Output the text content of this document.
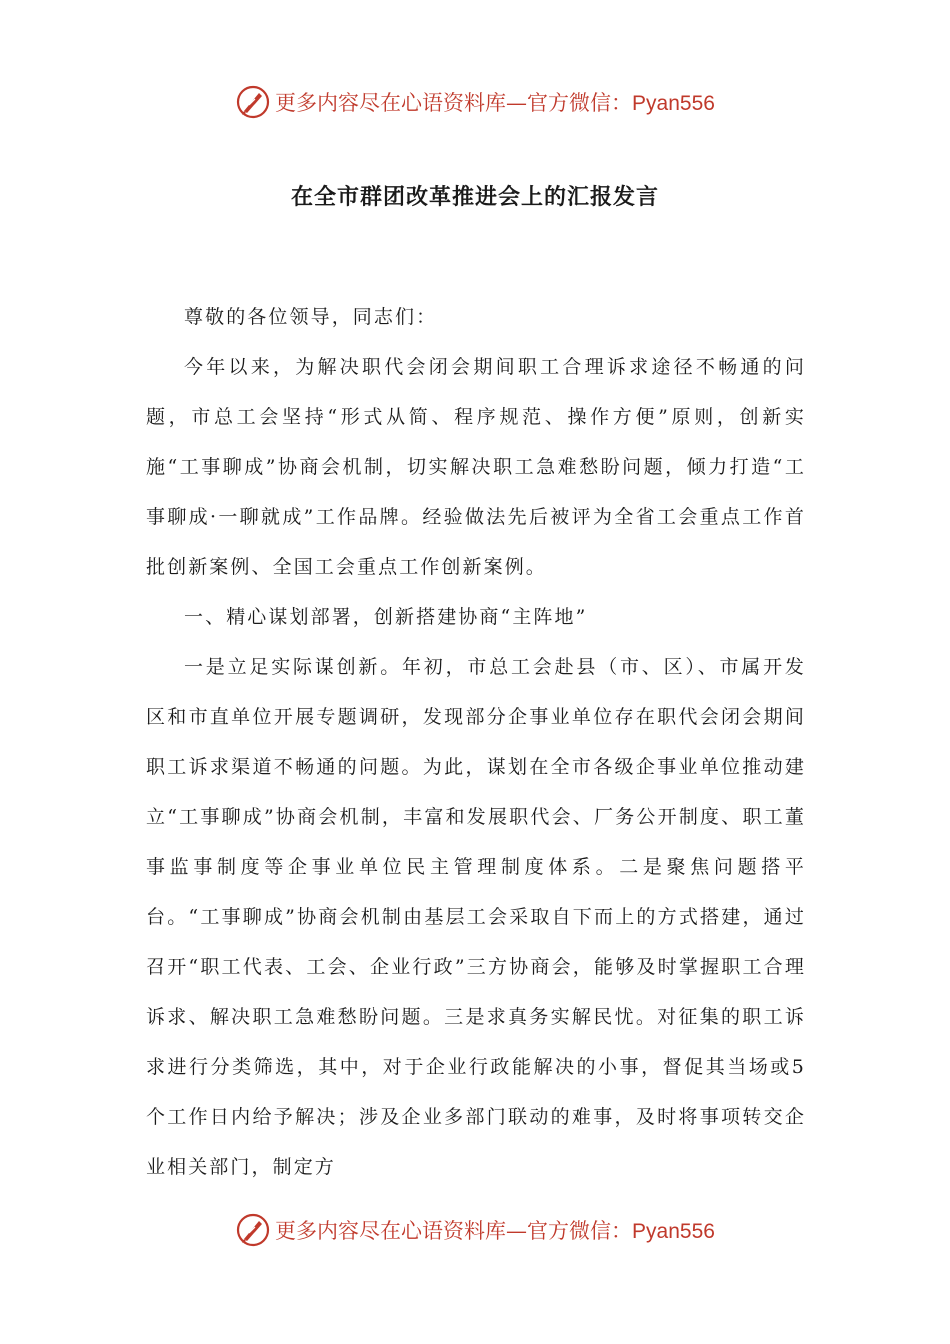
更多内容尽在心语资料库—官方微信：Pyan556
在全市群团改革推进会上的汇报发言

尊敬的各位领导，同志们：

今年以来，为解决职代会闭会期间职工合理诉求途径不畅通的问题，市总工会坚持“形式从简、程序规范、操作方便”原则，创新实施“工事聊成”协商会机制，切实解决职工急难愁盼问题，倾力打造“工事聊成·一聊就成”工作品牌。经验做法先后被评为全省工会重点工作首批创新案例、全国工会重点工作创新案例。

一、精心谋划部署，创新搭建协商“主阵地”

一是立足实际谋创新。年初，市总工会赴县（市、区）、市属开发区和市直单位开展专题调研，发现部分企事业单位存在职代会闭会期间职工诉求渠道不畅通的问题。为此，谋划在全市各级企事业单位推动建立“工事聊成”协商会机制，丰富和发展职代会、厂务公开制度、职工董事监事制度等企事业单位民主管理制度体系。二是聚焦问题搭平台。“工事聊成”协商会机制由基层工会采取自下而上的方式搭建，通过召开“职工代表、工会、企业行政”三方协商会，能够及时掌握职工合理诉求、解决职工急难愁盼问题。三是求真务实解民忧。对征集的职工诉求进行分类筛选，其中，对于企业行政能解决的小事，督促其当场或5个工作日内给予解决；涉及企业多部门联动的难事，及时将事项转交企业相关部门，制定方

更多内容尽在心语资料库—官方微信：Pyan556
